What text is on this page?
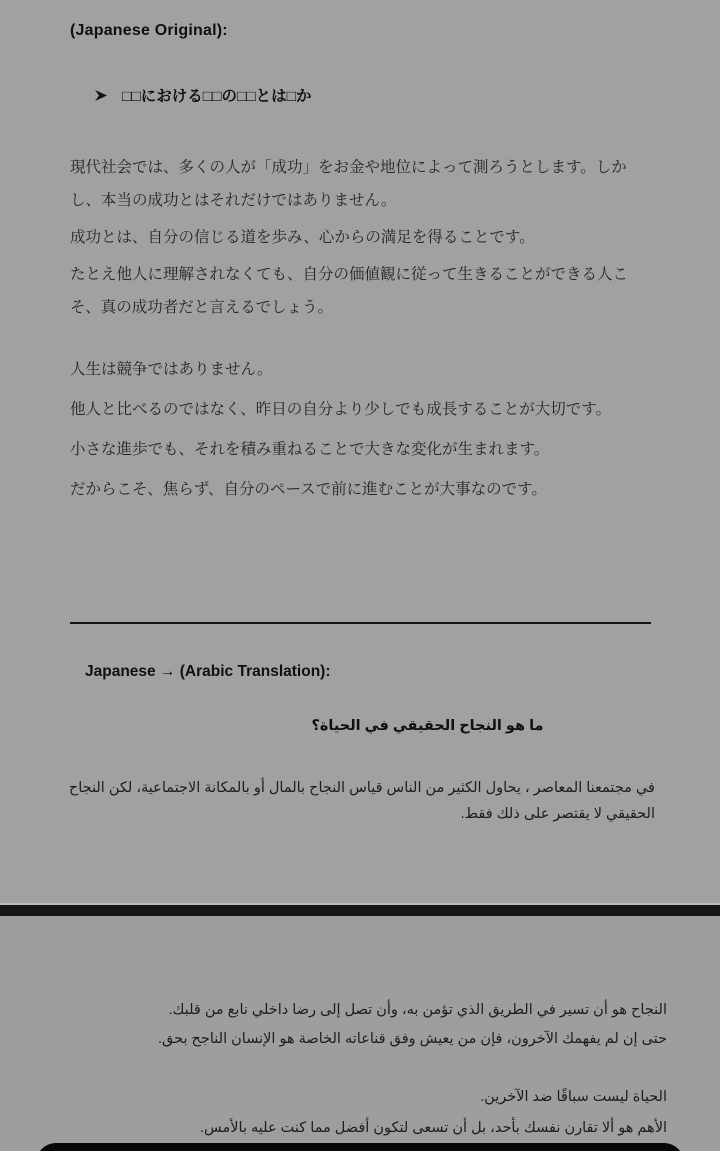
(Japanese Original):
□□における□□の□□とは□か

現代社会では、多くの人が「成功」をお金や地位によって測ろうとします。しかし、本当の成功とはそれだけではありません。

成功とは、自分の信じる道を歩み、心からの満足を得ることです。

たとえ他人に理解されなくても、自分の価値観に従って生きることができる人こそ、真の成功者だと言えるでしょう。

人生は競争ではありません。

他人と比べるのではなく、昨日の自分より少しでも成長することが大切です。

小さな進歩でも、それを積み重ねることで大きな変化が生まれます。

だからこそ、焦らず、自分のペースで前に進むことが大事なのです。

Japanese → (Arabic Translation):
ما هو النجاح الحقيقي في الحياة؟
في مجتمعنا المعاصر ، يحاول الكثير من الناس قياس النجاح بالمال أو بالمكانة الاجتماعية، لكن النجاح الحقيقي لا يقتصر على ذلك فقط.

النجاح هو أن تسير في الطريق الذي تؤمن به، وأن تصل إلى رضا داخلي نابع من قلبك.

حتى إن لم يفهمك الآخرون، فإن من يعيش وفق قناعاته الخاصة هو الإنسان الناجح بحق.

الحياة ليست سباقًا ضد الآخرين.

الأهم هو ألا تقارن نفسك بأحد، بل أن تسعى لتكون أفضل مما كنت عليه بالأمس.
